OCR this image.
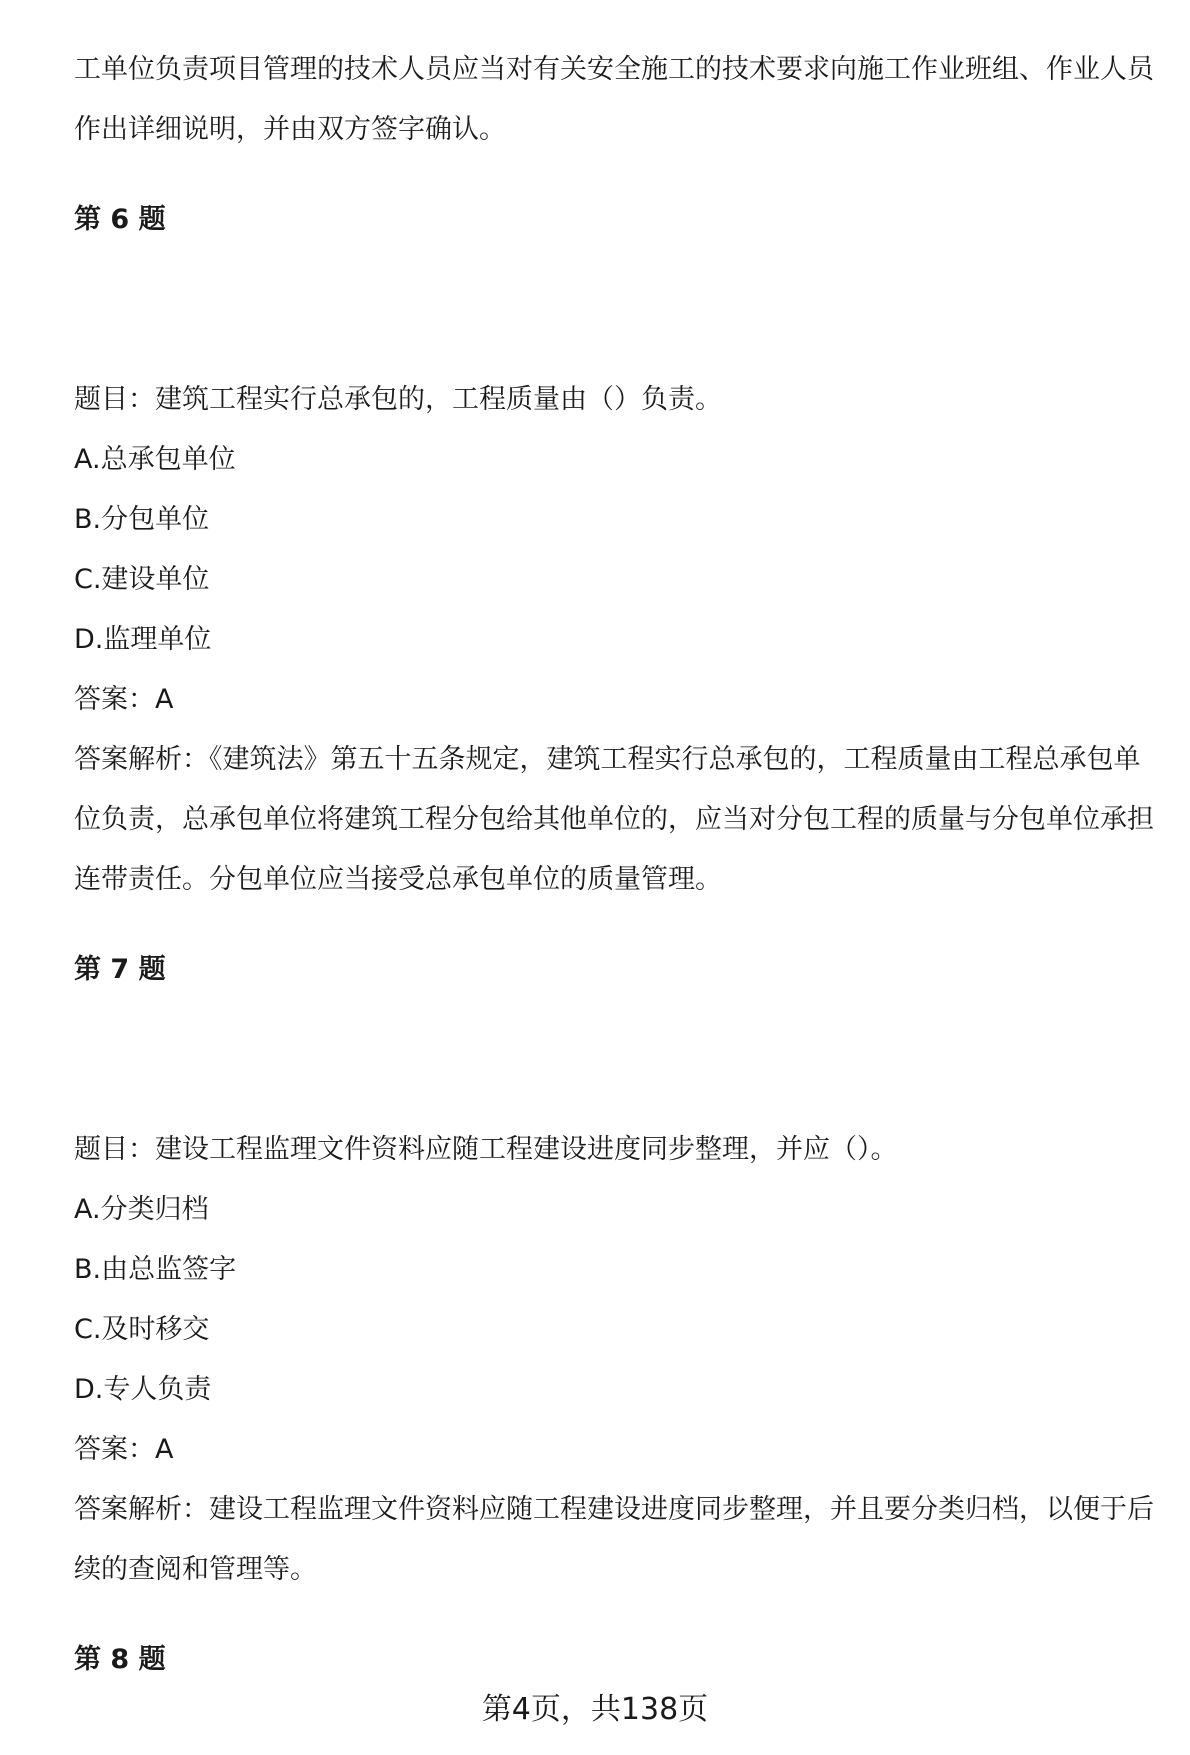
工单位负责项目管理的技术人员应当对有关安全施工的技术要求向施工作业班组、作业人员作出详细说明，并由双方签字确认。

第 6 题

题目：建筑工程实行总承包的，工程质量由（）负责。

A.总承包单位

B.分包单位

C.建设单位

D.监理单位

答案：A

答案解析：《建筑法》第五十五条规定，建筑工程实行总承包的，工程质量由工程总承包单位负责，总承包单位将建筑工程分包给其他单位的，应当对分包工程的质量与分包单位承担连带责任。分包单位应当接受总承包单位的质量管理。

第 7 题

题目：建设工程监理文件资料应随工程建设进度同步整理，并应（）。

A.分类归档

B.由总监签字

C.及时移交

D.专人负责

答案：A

答案解析：建设工程监理文件资料应随工程建设进度同步整理，并且要分类归档，以便于后续的查阅和管理等。

第 8 题
第4页，共138页
